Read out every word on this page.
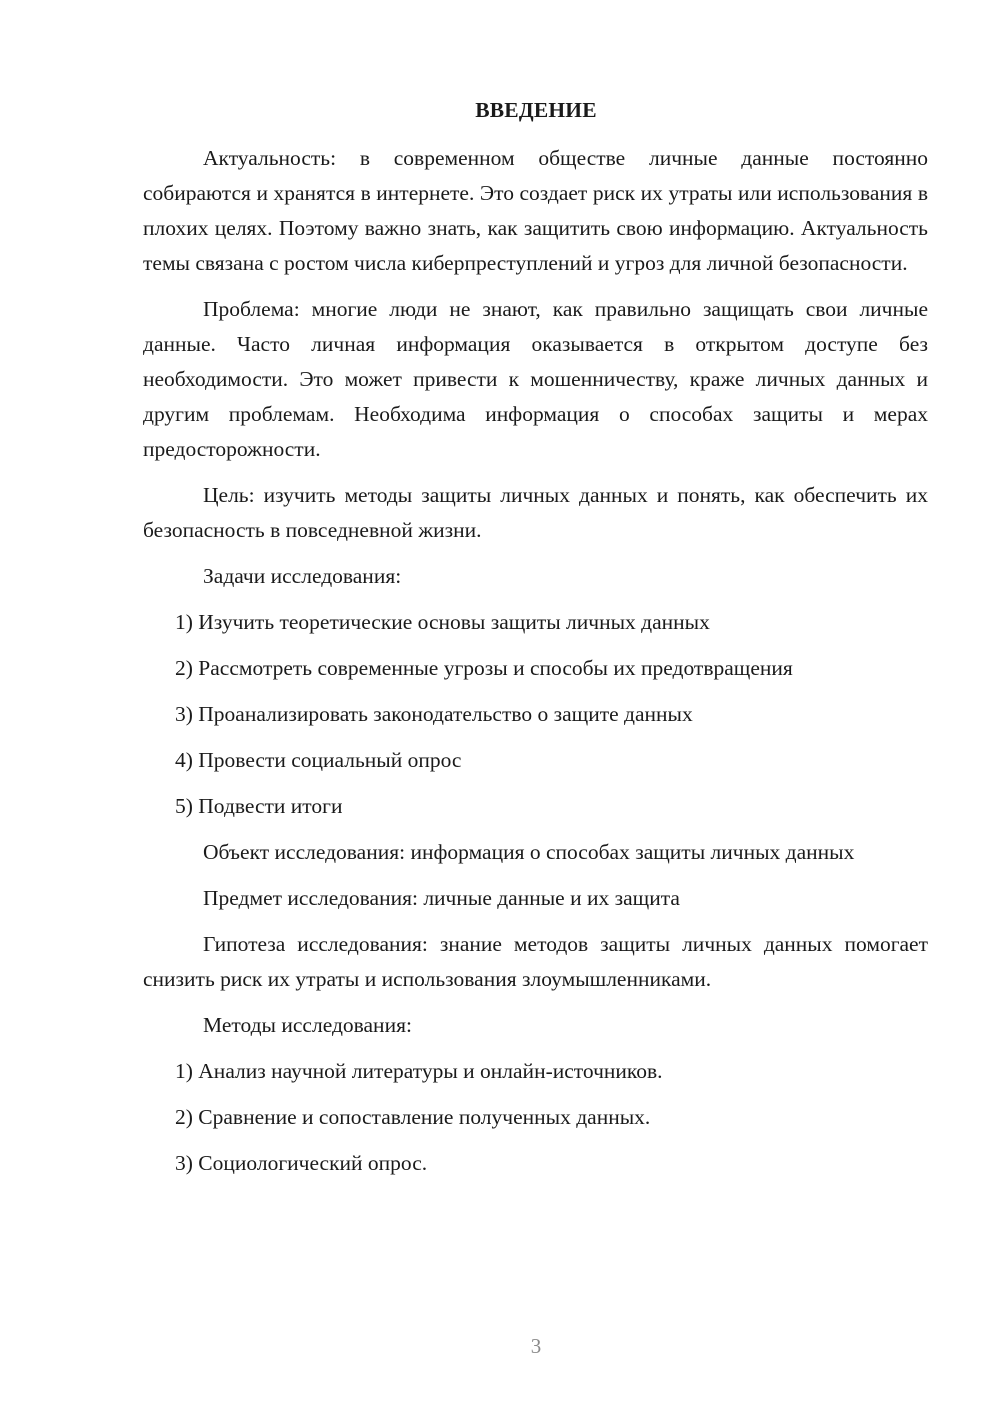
ВВЕДЕНИЕ

Актуальность: в современном обществе личные данные постоянно собираются и хранятся в интернете. Это создает риск их утраты или использования в плохих целях. Поэтому важно знать, как защитить свою информацию. Актуальность темы связана с ростом числа киберпреступлений и угроз для личной безопасности.

Проблема: многие люди не знают, как правильно защищать свои личные данные. Часто личная информация оказывается в открытом доступе без необходимости. Это может привести к мошенничеству, краже личных данных и другим проблемам. Необходима информация о способах защиты и мерах предосторожности.

Цель: изучить методы защиты личных данных и понять, как обеспечить их безопасность в повседневной жизни.

Задачи исследования:

1) Изучить теоретические основы защиты личных данных

2) Рассмотреть современные угрозы и способы их предотвращения

3) Проанализировать законодательство о защите данных

4) Провести социальный опрос

5) Подвести итоги

Объект исследования: информация о способах защиты личных данных

Предмет исследования: личные данные и их защита

Гипотеза исследования: знание методов защиты личных данных помогает снизить риск их утраты и использования злоумышленниками.

Методы исследования:

1) Анализ научной литературы и онлайн-источников.

2) Сравнение и сопоставление полученных данных.

3) Социологический опрос.

3
